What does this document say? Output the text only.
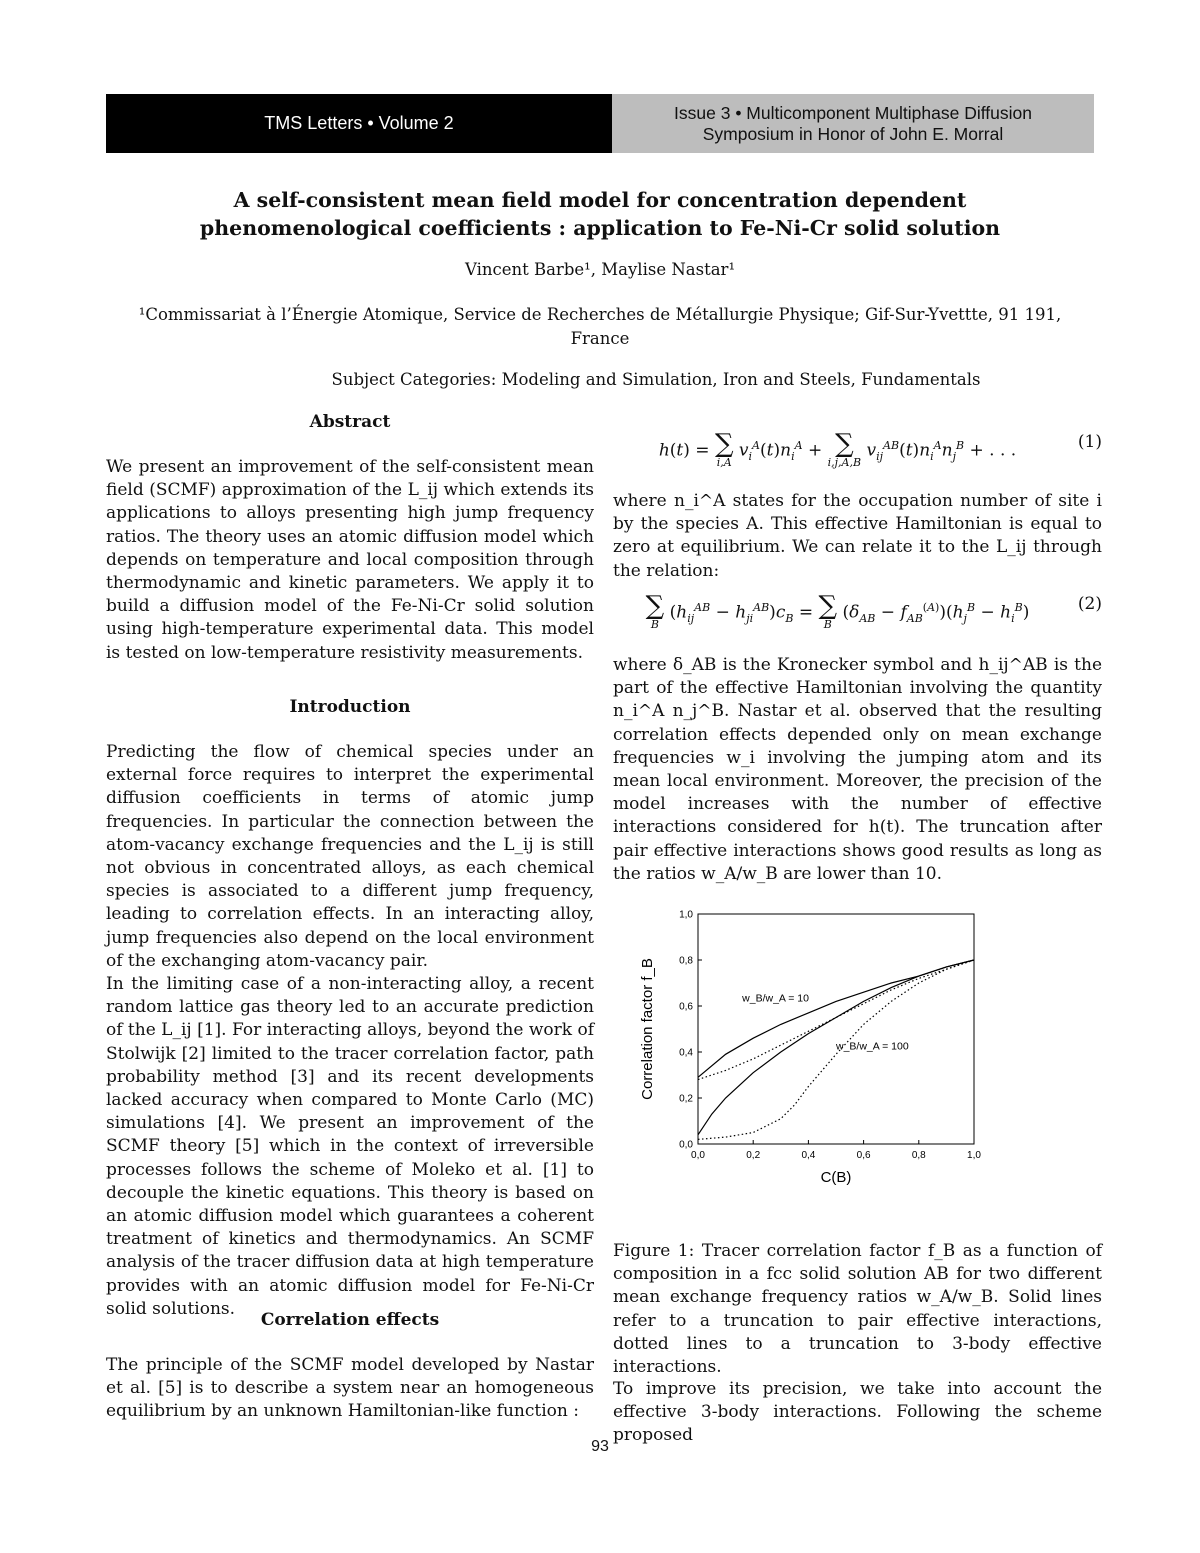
TMS Letters • Volume 2
Issue 3 • Multicomponent Multiphase Diffusion
Symposium in Honor of John E. Morral
A self-consistent mean field model for concentration dependent
phenomenological coefficients : application to Fe-Ni-Cr solid solution
Vincent Barbe¹, Maylise Nastar¹
¹Commissariat à l’Énergie Atomique, Service de Recherches de Métallurgie Physique; Gif-Sur-Yvettte, 91 191, France
Subject Categories: Modeling and Simulation, Iron and Steels, Fundamentals
Abstract

We present an improvement of the self-consistent mean field (SCMF) approximation of the L_ij which extends its applications to alloys presenting high jump frequency ratios. The theory uses an atomic diffusion model which depends on temperature and local composition through thermodynamic and kinetic parameters. We apply it to build a diffusion model of the Fe-Ni-Cr solid solution using high-temperature experimental data. This model is tested on low-temperature resistivity measurements.

Introduction

Predicting the flow of chemical species under an external force requires to interpret the experimental diffusion coefficients in terms of atomic jump frequencies. In particular the connection between the atom-vacancy exchange frequencies and the L_ij is still not obvious in concentrated alloys, as each chemical species is associated to a different jump frequency, leading to correlation effects. In an interacting alloy, jump frequencies also depend on the local environment of the exchanging atom-vacancy pair.

In the limiting case of a non-interacting alloy, a recent random lattice gas theory led to an accurate prediction of the L_ij [1]. For interacting alloys, beyond the work of Stolwijk [2] limited to the tracer correlation factor, path probability method [3] and its recent developments lacked accuracy when compared to Monte Carlo (MC) simulations [4]. We present an improvement of the SCMF theory [5] which in the context of irreversible processes follows the scheme of Moleko et al. [1] to decouple the kinetic equations. This theory is based on an atomic diffusion model which guarantees a coherent treatment of kinetics and thermodynamics. An SCMF analysis of the tracer diffusion data at high temperature provides with an atomic diffusion model for Fe-Ni-Cr solid solutions.

Correlation effects

The principle of the SCMF model developed by Nastar et al. [5] is to describe a system near an homogeneous equilibrium by an unknown Hamiltonian-like function :

h(t) = ∑
i,A
$v_i^A(t)n_i^A$ + ∑
i,j,A,B
$v_{ij}^{AB}(t)n_i^An_j^B$ + . . .	(1)

where n_i^A states for the occupation number of site i by the species A. This effective Hamiltonian is equal to zero at equilibrium. We can relate it to the L_ij through the relation:

∑
B
$(h_{ij}^{AB} - h_{ji}^{AB})c_B$ = ∑
B
$(\delta_{AB} - f_{AB}^{(A)})(h_j^B - h_i^B)$	(2)

where δ_AB is the Kronecker symbol and h_ij^AB is the part of the effective Hamiltonian involving the quantity n_i^A n_j^B. Nastar et al. observed that the resulting correlation effects depended only on mean exchange frequencies w_i involving the jumping atom and its mean local environment. Moreover, the precision of the model increases with the number of effective interactions considered for h(t). The truncation after pair effective interactions shows good results as long as the ratios w_A/w_B are lower than 10.

0,0	0,2	0,4	0,6	0,8	1,0
0,0
0,2
0,4
0,6
0,8
1,0
C(B)
Correlation factor f_B	w_B/w_A = 10
w_B/w_A = 100
Figure 1: Tracer correlation factor f_B as a function of composition in a fcc solid solution AB for two different mean exchange frequency ratios w_A/w_B. Solid lines refer to a truncation to pair effective interactions, dotted lines to a truncation to 3-body effective interactions.
To improve its precision, we take into account the effective 3-body interactions. Following the scheme proposed
93
